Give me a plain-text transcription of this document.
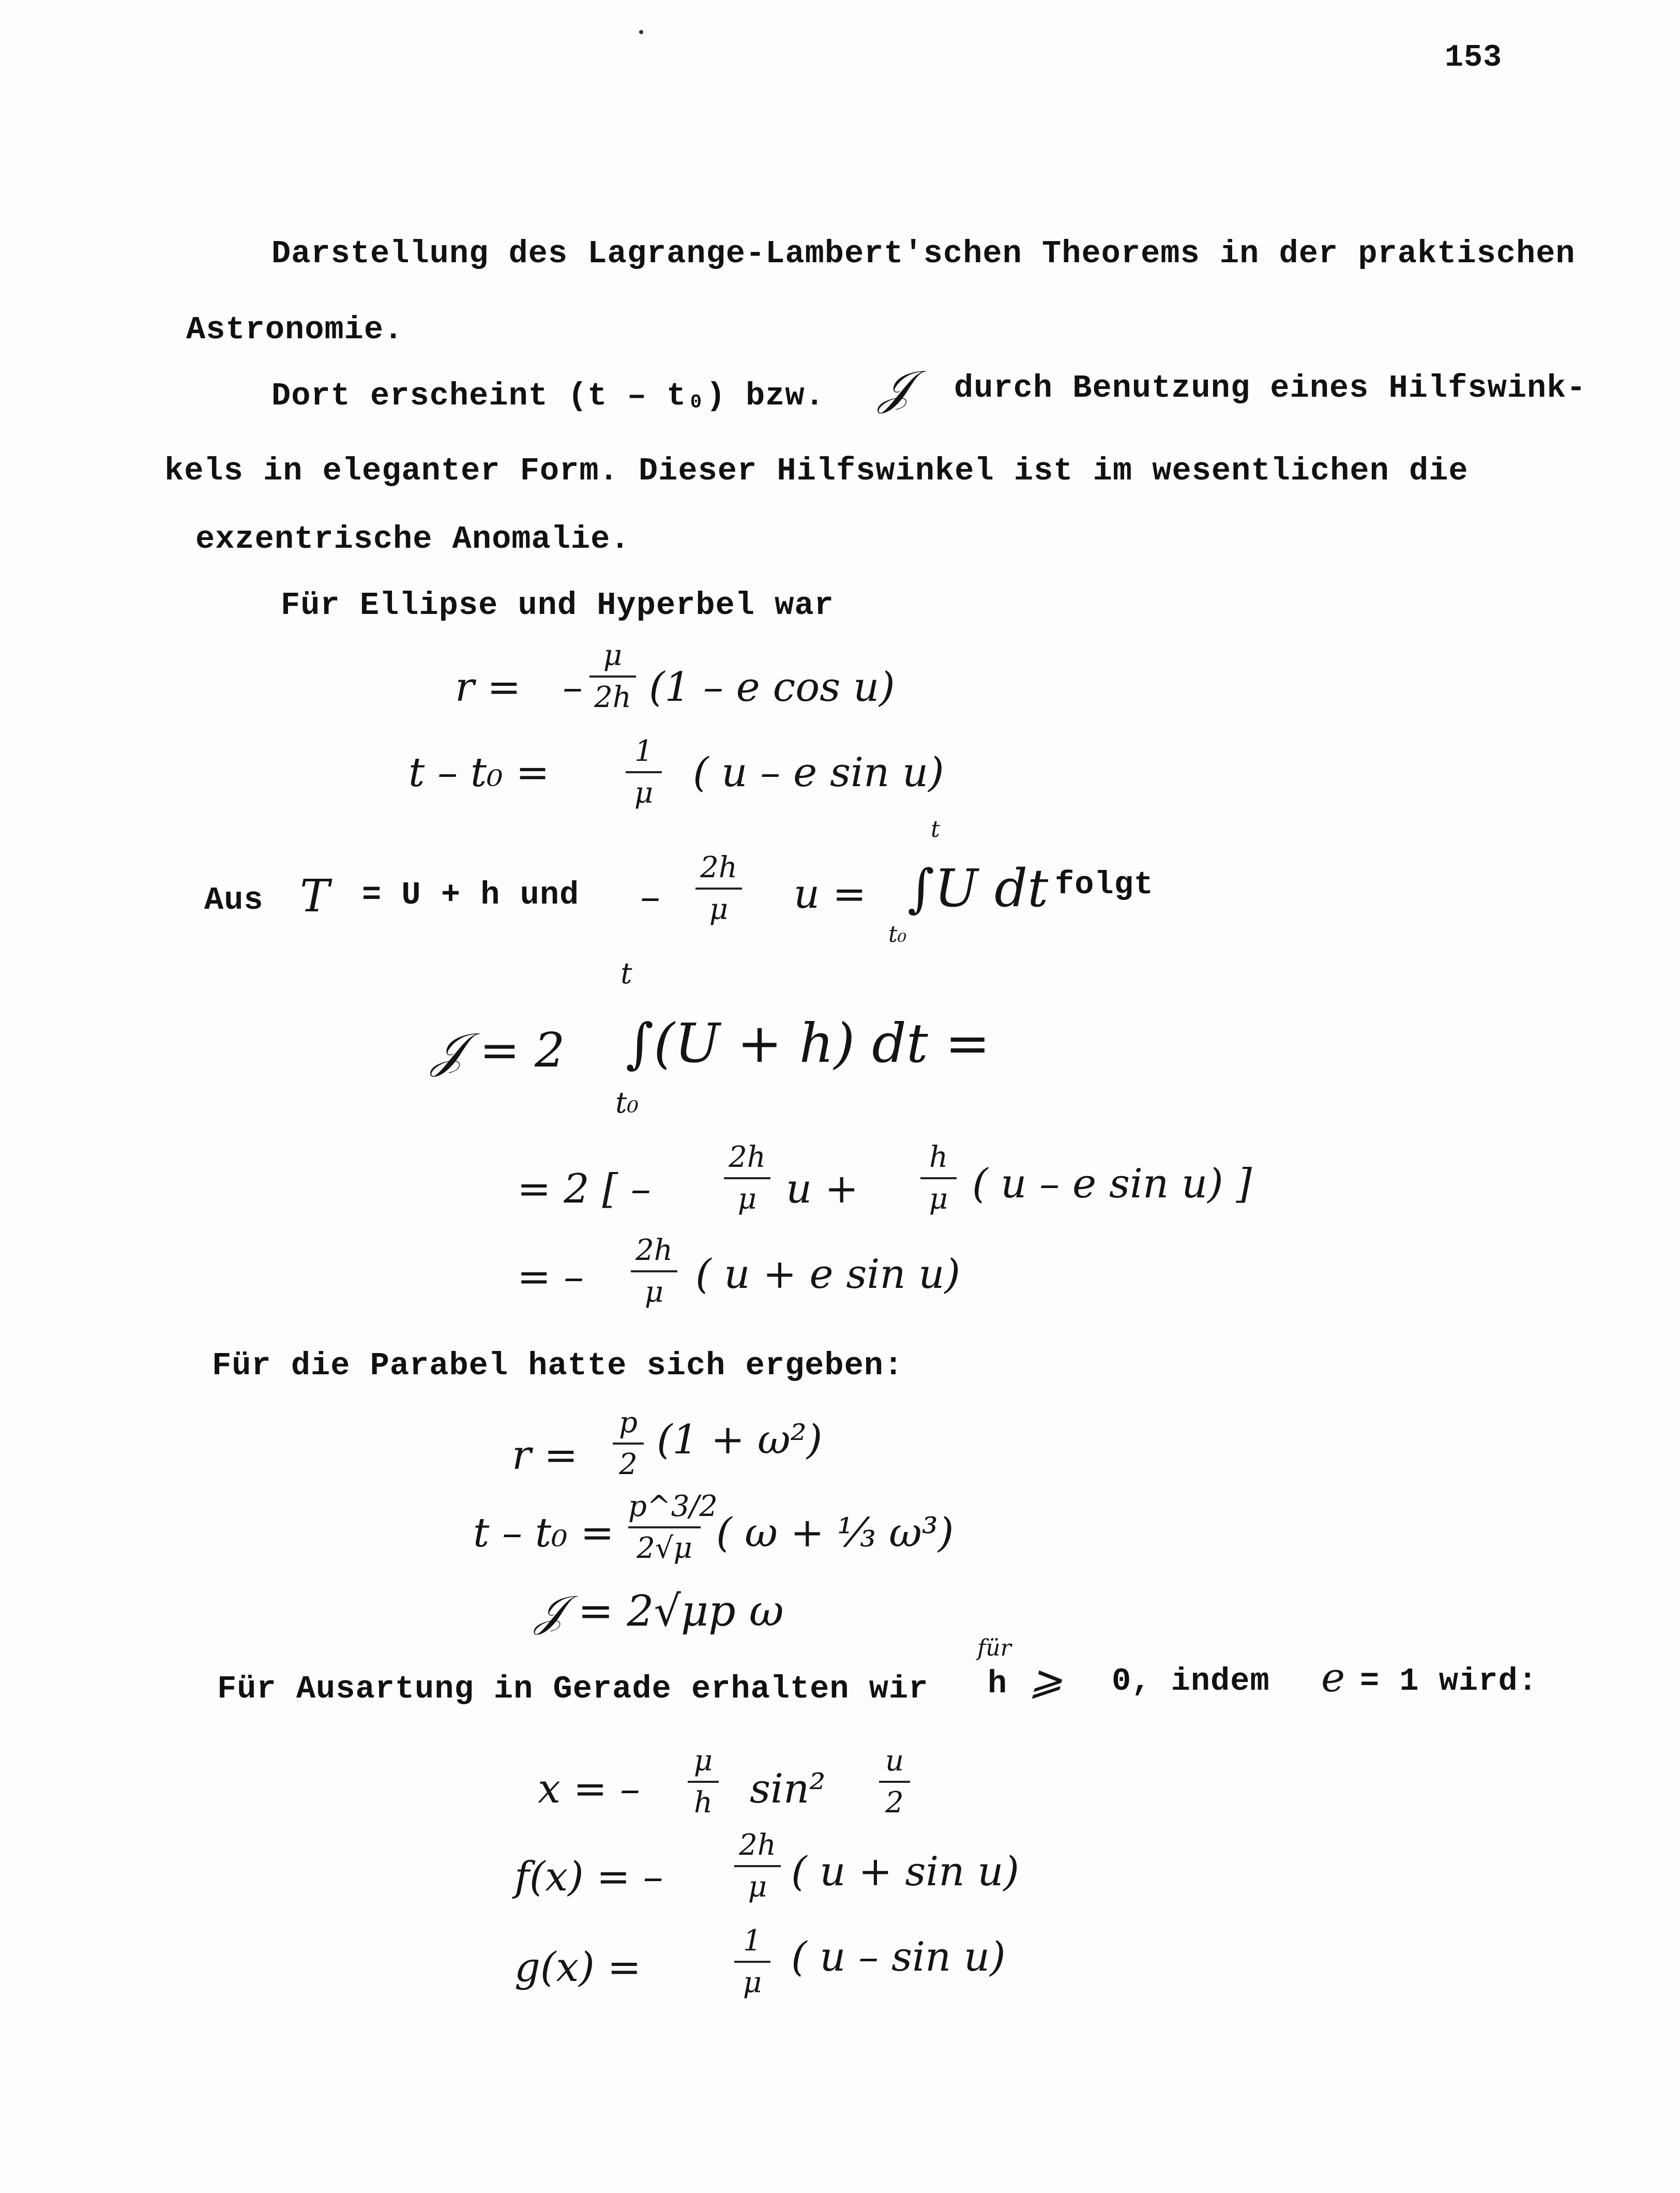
153
Darstellung des Lagrange-Lambert'schen Theorems in der praktischen
Astronomie.
Dort erscheint (t – t₀) bzw. 𝒥 durch Benutzung eines Hilfswink-
kels in eleganter Form. Dieser Hilfswinkel ist im wesentlichen die
exzentrische Anomalie.
Für Ellipse und Hyperbel war
r = –
μ
2h (1 – e cos u)
t – t₀ =	1
μ ( u – e sin u)
Aus T = U + h und –
2h
μ	u =
t
∫U dt
t₀
folgt
t
𝒥 = 2 ∫(U + h) dt =
t₀
= 2 [ –
2h
μ u +
h
μ ( u – e sin u) ]
= –
2h
μ ( u + e sin u)
Für die Parabel hatte sich ergeben:
r =
p
2
(1 + ω²)
t – t₀ =
p^3/2
2√μ ( ω + ⅓ ω³)
𝒥 = 2√μp ω
Für Ausartung in Gerade erhalten wir
für
h ⩾ 0, indem e = 1 wird:
x = –
μ
h sin²
u
2
f(x) = –
2h
μ ( u + sin u)
g(x) =
1
μ
( u – sin u)
